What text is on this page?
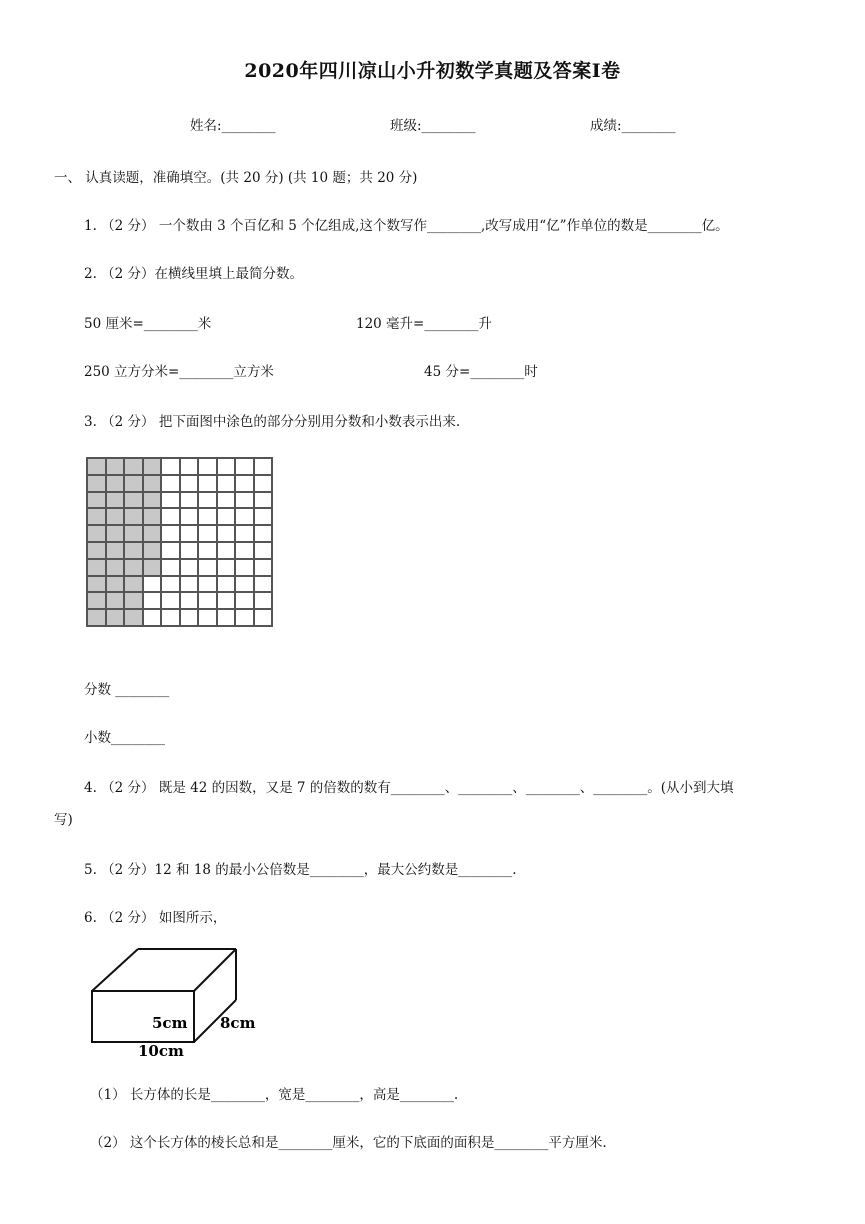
2020年四川凉山小升初数学真题及答案Ⅰ卷
姓名:________	班级:________	成绩:________
一、 认真读题，准确填空。(共 20 分) (共 10 题；共 20 分)
1. （2 分） 一个数由 3 个百亿和 5 个亿组成,这个数写作________,改写成用“亿”作单位的数是________亿。
2. （2 分）在横线里填上最简分数。
50 厘米=________米	120 毫升=________升
250 立方分米=________立方米	45 分=________时
3. （2 分） 把下面图中涂色的部分分别用分数和小数表示出来.
分数 ________
小数________
4. （2 分） 既是 42 的因数，又是 7 的倍数的数有________、________、________、________。(从小到大填
写)
5. （2 分）12 和 18 的最小公倍数是________，最大公约数是________.
6. （2 分） 如图所示，
5cm 8cm
10cm
（1） 长方体的长是________，宽是________，高是________.
（2） 这个长方体的棱长总和是________厘米，它的下底面的面积是________平方厘米.
